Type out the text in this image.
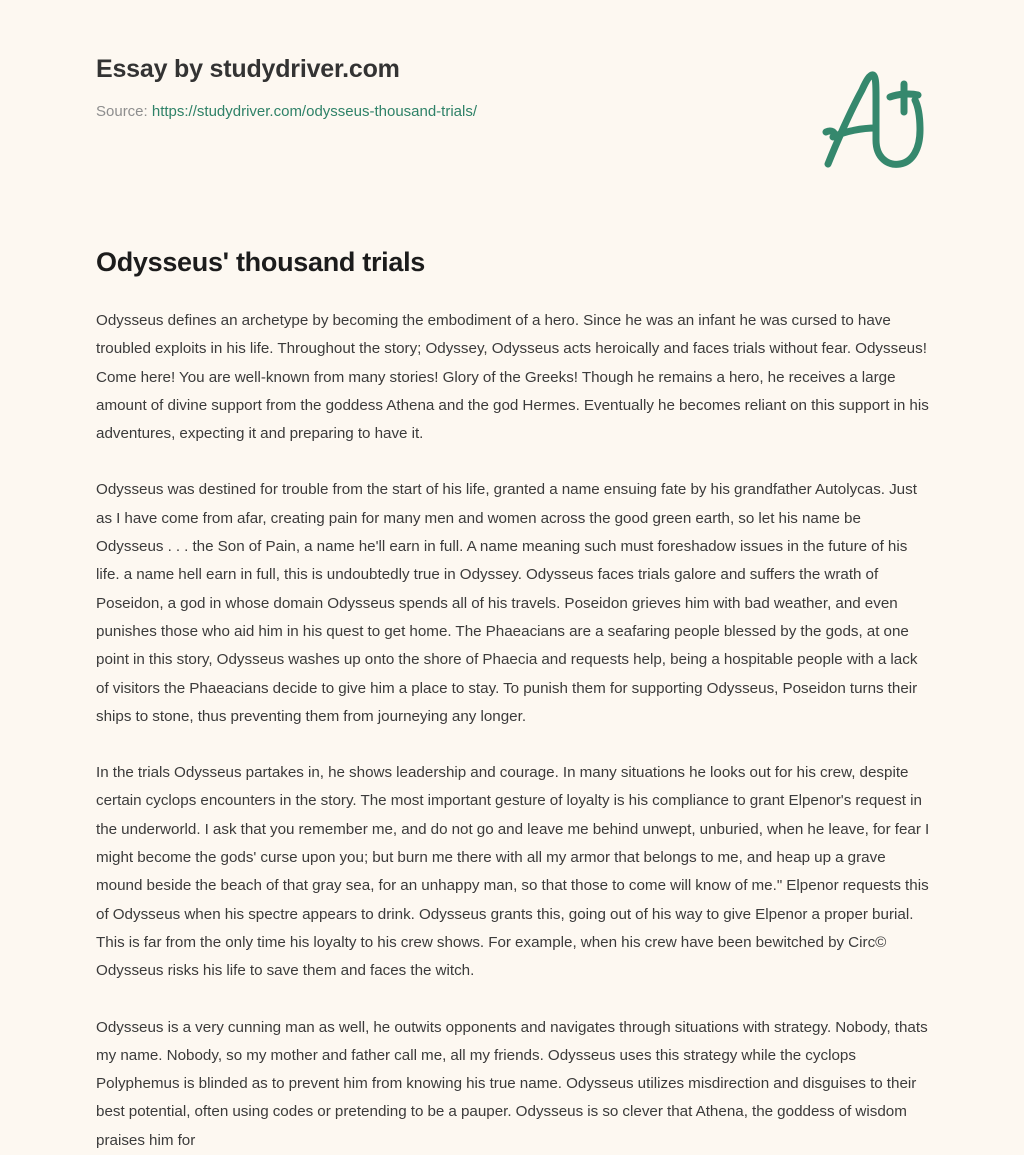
Essay by studydriver.com
Source: https://studydriver.com/odysseus-thousand-trials/
Odysseus' thousand trials

Odysseus defines an archetype by becoming the embodiment of a hero. Since he was an infant he was cursed to have troubled exploits in his life. Throughout the story; Odyssey, Odysseus acts heroically and faces trials without fear. Odysseus! Come here! You are well-known from many stories! Glory of the Greeks! Though he remains a hero, he receives a large amount of divine support from the goddess Athena and the god Hermes. Eventually he becomes reliant on this support in his adventures, expecting it and preparing to have it.

Odysseus was destined for trouble from the start of his life, granted a name ensuing fate by his grandfather Autolycas. Just as I have come from afar, creating pain for many men and women across the good green earth, so let his name be Odysseus . . . the Son of Pain, a name he'll earn in full. A name meaning such must foreshadow issues in the future of his life. a name hell earn in full, this is undoubtedly true in Odyssey. Odysseus faces trials galore and suffers the wrath of Poseidon, a god in whose domain Odysseus spends all of his travels. Poseidon grieves him with bad weather, and even punishes those who aid him in his quest to get home. The Phaeacians are a seafaring people blessed by the gods, at one point in this story, Odysseus washes up onto the shore of Phaecia and requests help, being a hospitable people with a lack of visitors the Phaeacians decide to give him a place to stay. To punish them for supporting Odysseus, Poseidon turns their ships to stone, thus preventing them from journeying any longer.

In the trials Odysseus partakes in, he shows leadership and courage. In many situations he looks out for his crew, despite certain cyclops encounters in the story. The most important gesture of loyalty is his compliance to grant Elpenor's request in the underworld. I ask that you remember me, and do not go and leave me behind unwept, unburied, when he leave, for fear I might become the gods' curse upon you; but burn me there with all my armor that belongs to me, and heap up a grave mound beside the beach of that gray sea, for an unhappy man, so that those to come will know of me." Elpenor requests this of Odysseus when his spectre appears to drink. Odysseus grants this, going out of his way to give Elpenor a proper burial. This is far from the only time his loyalty to his crew shows. For example, when his crew have been bewitched by Circ© Odysseus risks his life to save them and faces the witch.

Odysseus is a very cunning man as well, he outwits opponents and navigates through situations with strategy. Nobody, thats my name. Nobody, so my mother and father call me, all my friends. Odysseus uses this strategy while the cyclops Polyphemus is blinded as to prevent him from knowing his true name. Odysseus utilizes misdirection and disguises to their best potential, often using codes or pretending to be a pauper. Odysseus is so clever that Athena, the goddess of wisdom praises him for
